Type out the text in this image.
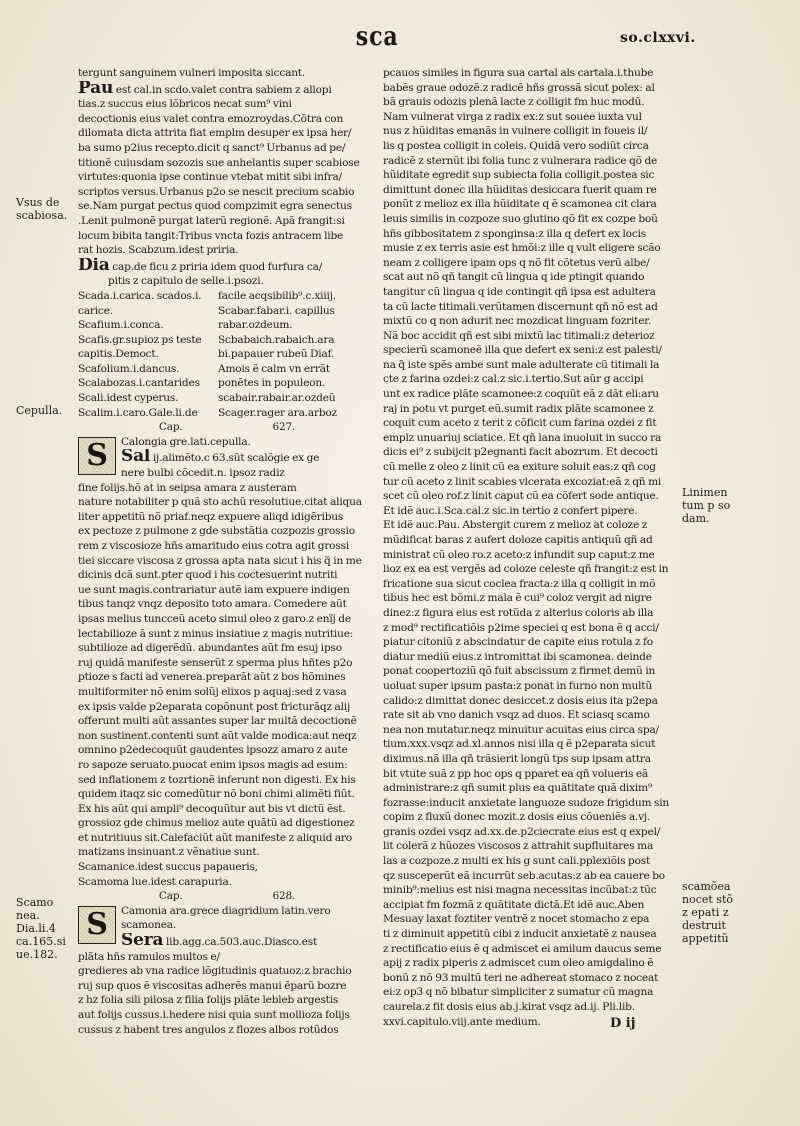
sca	so.clxxvi.
tergunt sanguinem vulneri imposita siccant.
Pau est cal.in scdo.valet contra sabiem z allopi
tias.z succus eius lõbricos necat sum⁹ vini
decoctionis eius valet contra emozroydas.Cõtra con
dilomata dicta attrita fiat emplm desuper ex ipsa her/
ba sumo p2ius recepto.dicit q sanct⁹ Urbanus ad pe/
titionẽ cuiusdam sozozis sue anhelantis super scabiose
virtutes:quonia ipse continue vtebat mitit sibi infra/
scriptos versus.Urbanus p2o se nescit precium scabio
se.Nam purgat pectus quod compzimit egra senectus
.Lenit pulmonẽ purgat laterũ regionẽ. Apã frangit:si
locum bibita tangit:Tribus vncta fozis antracem libe
rat hozis. Scabzum.idest priria.
Dia cap.de ficu z priria idem quod furfura ca/
pitis z capitulo de selle.i.psozi.
Scada.i.carica. scados.i.	facile acqsibilib⁹.c.xiiij.
carice.	Scabar.fabar.i. capillus
Scafium.i.conca.	rabar.ozdeum.
Scafis.gr.supioz ps teste	Scbabaich.rabaich.ara
capitis.Democt.	bi.papauer rubeũ Diaf.
Scafolium.i.dancus.	Amois ẽ calm vn errãt
Scalabozas.i.cantarides	ponẽtes in populeon.
Scali.idest cyperus.	scabair.rabair.ar.ozdeũ
Scalim.i.caro.Gale.li.de	Scager.rager ara.arboz
Cap.	627.
S	Calongia gre.lati.cepulla.
Sal ij.alimẽto.c 63.sũt scalõgie ex ge
nere bulbi cõcedit.n. ipsoz radiz
fine folijs.hõ at in seipsa amara z austeram
nature notabiliter p quã sto achũ resolutiue.citat aliqua
liter appetitũ nõ priaf.neqz expuere aliqd idigẽribus
ex pectoze z pulmone z gde substãtia cozpozis grossio
rem z viscosioze hñs amaritudo eius cotra agit grossi
tiei siccare viscosa z grossa apta nata sicut i his q̃ in me
dicinis dcã sunt.pter quod i his coctesuerint nutriti
ue sunt magis.contrariatur autẽ iam expuere indigen
tibus tanqz vnqz deposito toto amara. Comedere aũt
ipsas melius tuncceũ aceto simul oleo z garo.z enĩj de
lectabilioze ã sunt z minus insiatiue z magis nutritiue:
subtilioze ad digerẽdũ. abundantes aũt fm esuj ipso
ruj quidã manifeste senserũt z sperma plus hñtes p2o
ptioze s facti ad venerea.preparãt aũt z bos hõmines
multiformiter nõ enim solũj elixos p aquaj:sed z vasa
ex ipsis valde p2eparata copõnunt post fricturãqz alij
offerunt multi aũt assantes super lar multã decoctionẽ
non sustinent.contenti sunt aũt valde modica:aut neqz
omnino p2edecoquũt gaudentes ipsozz amaro z aute
ro sapoze seruato.puocat enim ipsos magis ad esum:
sed inflationem z tozrtionẽ inferunt non digesti. Ex his
quidem itaqz sic comedũtur nõ boni chimi alimẽti fiũt.
Ex his aũt qui ampli⁹ decoquũtur aut bis vt dictũ ẽst.
grossioz gde chimus melioz aute quãtũ ad digestionez
et nutritiuus sit.Calefaciũt aũt manifeste z aliquid aro
matizans insinuant.z vẽnatiue sunt.
Scamanice.idest succus papaueris,
Scamoma lue.idest carapuria.
Cap.	628.
S	Camonia ara.grece diagridium latin.vero
scamonea.
Sera lib.agg.ca.503.auc.Diasco.est
plãta hñs ramulos multos e/
gredieres ab vna radice lõgitudinis quatuoz:z brachio
ruj sup quos ẽ viscositas adherẽs manui ẽparũ bozre
z hz folia sili pilosa z filia folijs plãte lebleb argestis
aut folijs cussus.i.hedere nisi quia sunt mollioza folijs
cussus z habent tres angulos z flozes albos rotũdos
pcauos similes in figura sua cartal als cartala.i.thube
babẽs graue odozẽ.z radicẽ hñs grossã sicut polex: al
bã grauis odozis plenã lacte z colligit fm huc modũ.
Nam vulnerat virga z radix ex:z sut souee iuxta vul
nus z hũiditas emanãs in vulnere colligit in foueis il/
lis q postea colligit in coleis. Quidã vero sodiũt circa
radicẽ z sternũt ibi folia tunc z vulnerara radice qõ de
hũiditate egredit sup subiecta folia colligit.postea sic
dimittunt donec illa hũiditas desiccara fuerit quam re
ponũt z melioz ex illa hũiditate q ẽ scamonea cit clara
leuis similis in cozpoze suo glutino qõ fit ex cozpe boũ
hñs gibbositatem z sponginsa:z illa q defert ex locis
musie z ex terris asie est hmõi:z ille q vult eligere scão
neam z colligere ipam ops q nõ fit cõtetus verũ albe/
scat aut nõ qñ tangit cũ lingua q ide ptingit quando
tangitur cũ lingua q ide contingit qñ ipsa est adultera
ta cũ lacte titimali.verũtamen discernunt qñ nõ est ad
mixtũ co q non adurit nec mozdicat linguam fozriter.
Nã boc accidit qñ est sibi mixtũ lac titimali:z deterioz
specierũ scamoneẽ illa que defert ex seni:z est palesti/
na q̃ iste spẽs ambe sunt male adulterate cũ titimali la
cte z farina ozdei:z cal.z sic.i.tertio.Sut aũr g accipi
unt ex radice plãte scamonee:z coquũt eã z dãt eli:aru
raj in potu vt purget eũ.sumit radix plãte scamonee z
coquit cum aceto z terit z cõficit cum farina ozdei z fit
emplz unuariuj sciatice. Et qñ lana inuoluit in succo ra
dicis ei⁹ z subijcit p2egnanti facit abozrum. Et decocti
cũ melle z oleo z linit cũ ea exiture soluit eas:z qñ cog
tur cũ aceto z linit scabies vlcerata excoziat:eã z qñ mi
scet cũ oleo rof.z linit caput cũ ea cõfert sode antique.
Et idẽ auc.i.Sca.cal.z sic.in tertio z confert pipere.
Et idẽ auc.Pau. Abstergit curem z melioz at coloze z
mũdificat baras z aufert doloze capitis antiquũ qñ ad
ministrat cũ oleo ro.z aceto:z infundit sup caput:z me
lioz ex ea est vergẽs ad coloze celeste qñ frangit:z est in
fricatione sua sicut coclea fracta:z illa q colligit in mõ
tibus hec est bõmi.z mala ẽ cui⁹ coloz vergit ad nigre
dinez:z figura eius est rotũda z alterius coloris ab illa
z mod⁹ rectificatiõis p2ime speciei q est bona ẽ q acci/
piatur citoniũ z abscindatur de capite eius rotula z fo
diatur mediũ eius.z intromittat ibi scamonea. deinde
ponat coopertoziũ qõ fuit abscissum z firmet demũ in
uoluat super ipsum pasta:z ponat in furno non multũ
calido:z dimittat donec desiccet.z dosis eius ita p2epa
rate sit ab vno danich vsqz ad duos. Et sciasq scamo
nea non mutatur.neqz minuitur acuitas eius circa spa/
tium.xxx.vsqz ad.xl.annos nisi illa q ẽ p2eparata sicut
diximus.nã illa qñ trãsierit longũ tps sup ipsam attra
bit vtute suã z pp hoc ops q pparet ea qñ volueris eã
administrare:z qñ sumit plus ea quãtitate quã dixim⁹
fozrasse:inducit anxietate languoze sudoze frigidum sin
copim z fluxũ donec mozit.z dosis eius cõueniẽs a.vj.
granis ozdei vsqz ad.xx.de.p2ciecrate eius est q expel/
lit colerã z hũozes viscosos z attrahit supfluitares ma
las a cozpoze.z multi ex his g sunt cali.pplexiõis post
qz susceperũt eã incurrũt seb.acutas:z ab ea cauere bo
minib⁹:melius est nisi magna necessitas incũbat:z tũc
accipiat fm fozmã z quãtitate dictã.Et idẽ auc.Aben
Mesuay laxat foztiter ventrẽ z nocet stomacho z epa
ti z diminuit appetitũ cibi z inducit anxietatẽ z nausea
z rectificatio eius ẽ q admiscet ei amilum daucus seme
apij z radix piperis z admiscet cum oleo amigdalino ẽ
bonũ z nõ 93 multũ teri ne adhereat stomaco z noceat
ei:z op3 q nõ bibatur simpliciter z sumatur cũ magna
caurela.z fit dosis eius ab.j.kirat vsqz ad.ij. Pli.lib.
xxvi.capitulo.viij.ante medium.
Vsus de
scabiosa.
Cepulla.
Scamo
nea.
Dia.li.4
ca.165.si
ue.182.
Linimen
tum p so
dam.
scamõea
nocet stõ
z epati z
destruit
appetitũ
D ij
